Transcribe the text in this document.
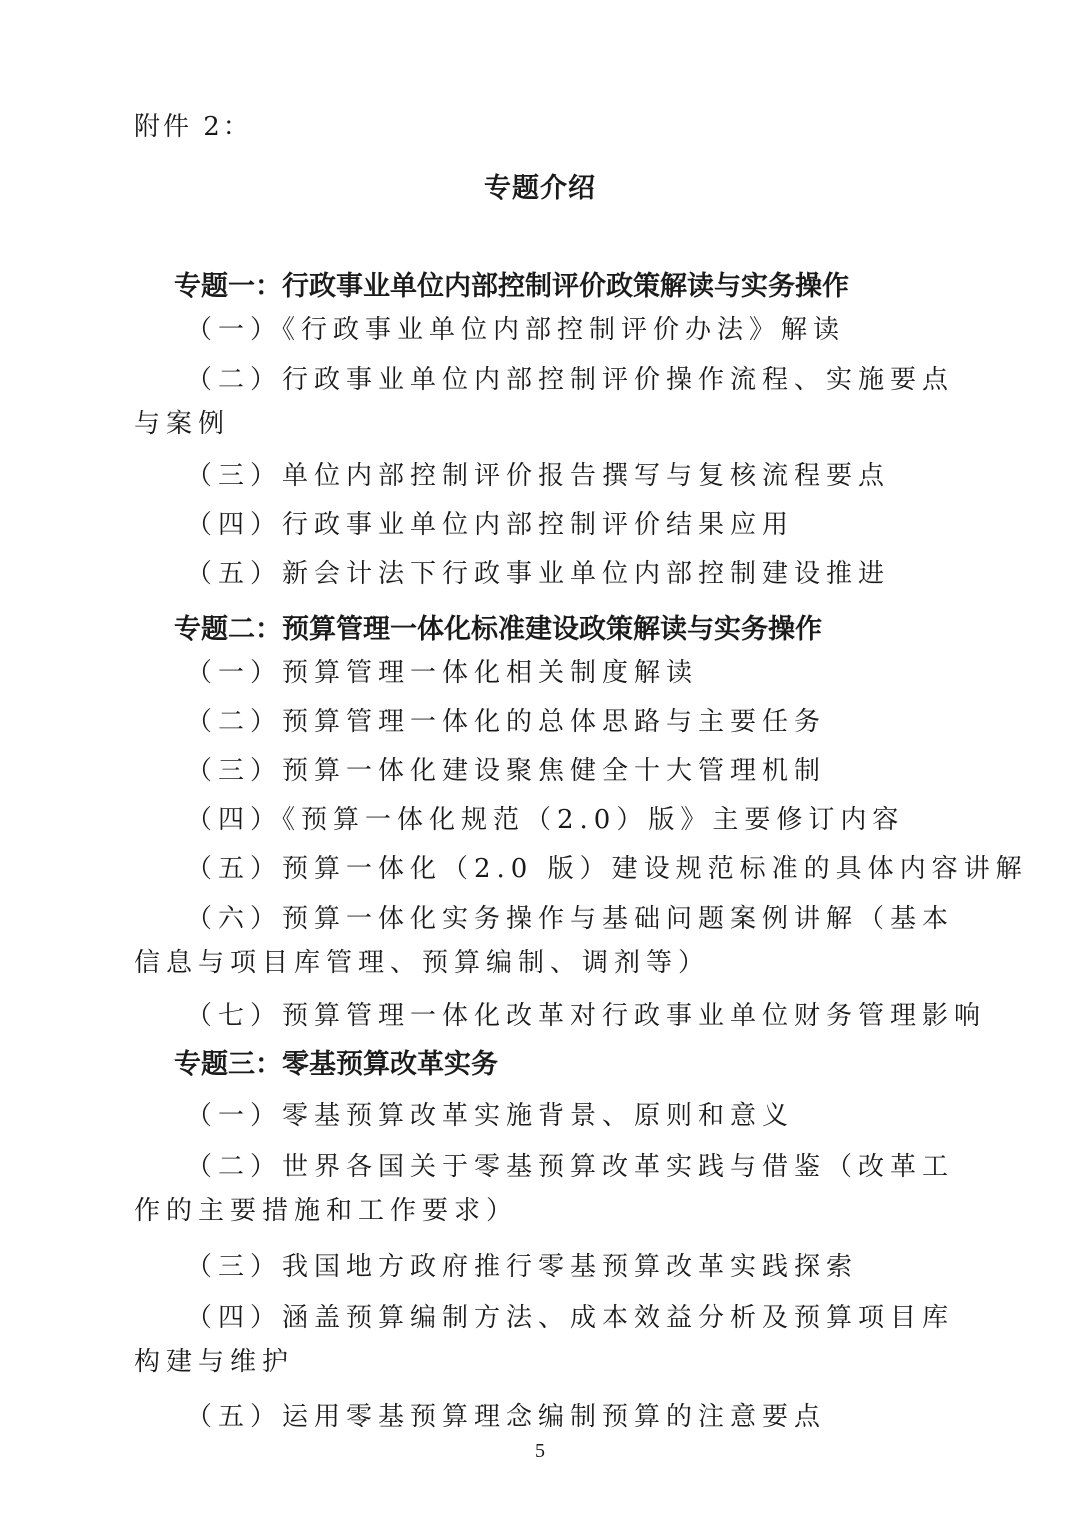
附件 2：
专题介绍
专题一：行政事业单位内部控制评价政策解读与实务操作
（一）《行政事业单位内部控制评价办法》解读
（二）行政事业单位内部控制评价操作流程、实施要点与案例
（三）单位内部控制评价报告撰写与复核流程要点
（四）行政事业单位内部控制评价结果应用
（五）新会计法下行政事业单位内部控制建设推进
专题二：预算管理一体化标准建设政策解读与实务操作
（一）预算管理一体化相关制度解读
（二）预算管理一体化的总体思路与主要任务
（三）预算一体化建设聚焦健全十大管理机制
（四）《预算一体化规范（2.0）版》主要修订内容
（五）预算一体化（2.0 版）建设规范标准的具体内容讲解
（六）预算一体化实务操作与基础问题案例讲解（基本信息与项目库管理、预算编制、调剂等）
（七）预算管理一体化改革对行政事业单位财务管理影响
专题三：零基预算改革实务
（一）零基预算改革实施背景、原则和意义
（二）世界各国关于零基预算改革实践与借鉴（改革工作的主要措施和工作要求）
（三）我国地方政府推行零基预算改革实践探索
（四）涵盖预算编制方法、成本效益分析及预算项目库构建与维护
（五）运用零基预算理念编制预算的注意要点
5
